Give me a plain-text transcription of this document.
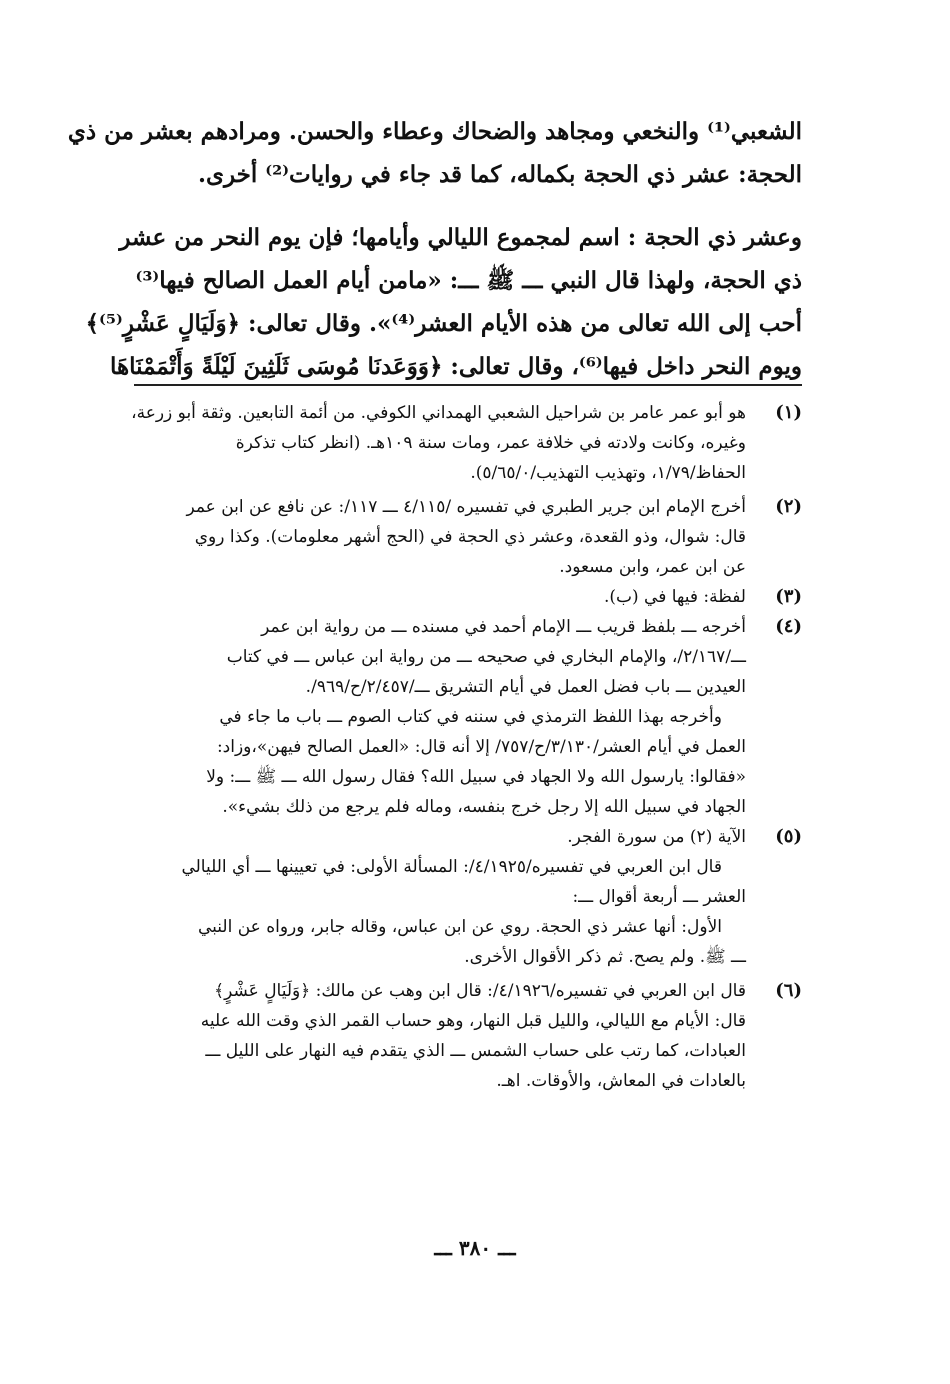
الشعبي⁽¹⁾ والنخعي ومجاهد والضحاك وعطاء والحسن. ومرادهم بعشر من ذي
الحجة: عشر ذي الحجة بكماله، كما قد جاء في روايات⁽²⁾ أخرى.
وعشر ذي الحجة : اسم لمجموع الليالي وأيامها؛ فإن يوم النحر من عشر
ذي الحجة، ولهذا قال النبي ـــ ﷺ ـــ: «مامن أيام العمل الصالح فيها⁽³⁾
أحب إلى الله تعالى من هذه الأيام العشر⁽⁴⁾». وقال تعالى: ﴿وَلَيَالٍ عَشْرٍ⁽⁵⁾﴾
ويوم النحر داخل فيها⁽⁶⁾، وقال تعالى: ﴿وَوَعَدنَا مُوسَى ثَلَثِينَ لَيْلَةً وَأَتْمَمْنَاهَا
(١)
هو أبو عمر عامر بن شراحيل الشعبي الهمداني الكوفي. من أئمة التابعين. وثقة أبو زرعة،
وغيره، وكانت ولادته في خلافة عمر، ومات سنة ١٠٩هـ. (انظر كتاب تذكرة
الحفاظ/١/٧٩، وتهذيب التهذيب/٥/٦٥/٠).
(٢)
أخرج الإمام ابن جرير الطبري في تفسيره /٤/١١٥ ـــ ١١٧/: عن نافع عن ابن عمر
قال: شوال، وذو القعدة، وعشر ذي الحجة في (الحج أشهر معلومات). وكذا روي
عن ابن عمر، وابن مسعود.
(٣)
لفظة: فيها في (ب).
(٤)
أخرجه ـــ بلفظ قريب ـــ الإمام أحمد في مسنده ـــ من رواية ابن عمر
ـــ/٢/١٦٧/، والإمام البخاري في صحيحه ـــ من رواية ابن عباس ـــ في كتاب
العيدين ـــ باب فضل العمل في أيام التشريق ـــ/٢/٤٥٧/ح/٩٦٩/.
وأخرجه بهذا اللفظ الترمذي في سننه في كتاب الصوم ـــ باب ما جاء في
العمل في أيام العشر/٣/١٣٠/ح/٧٥٧/ إلا أنه قال: «العمل الصالح فيهن»،وزاد:
«فقالوا: يارسول الله ولا الجهاد في سبيل الله؟ فقال رسول الله ـــ ﷺ ـــ: ولا
الجهاد في سبيل الله إلا رجل خرج بنفسه، وماله فلم يرجع من ذلك بشيء».
(٥)
الآية (٢) من سورة الفجر.
قال ابن العربي في تفسيره/٤/١٩٢٥/: المسألة الأولى: في تعيينها ـــ أي الليالي
العشر ـــ أربعة أقوال ـــ:
الأول: أنها عشر ذي الحجة. روي عن ابن عباس، وقاله جابر، ورواه عن النبي
ـــ ﷺ. ولم يصح. ثم ذكر الأقوال الأخرى.
(٦)
قال ابن العربي في تفسيره/٤/١٩٢٦/: قال ابن وهب عن مالك: ﴿وَلَيَالٍ عَشْرٍ﴾
قال: الأيام مع الليالي، والليل قبل النهار، وهو حساب القمر الذي وقت الله عليه
العبادات، كما رتب على حساب الشمس ـــ الذي يتقدم فيه النهار على الليل ـــ
بالعادات في المعاش، والأوقات. اهـ.
ـــ ٣٨٠ ـــ
